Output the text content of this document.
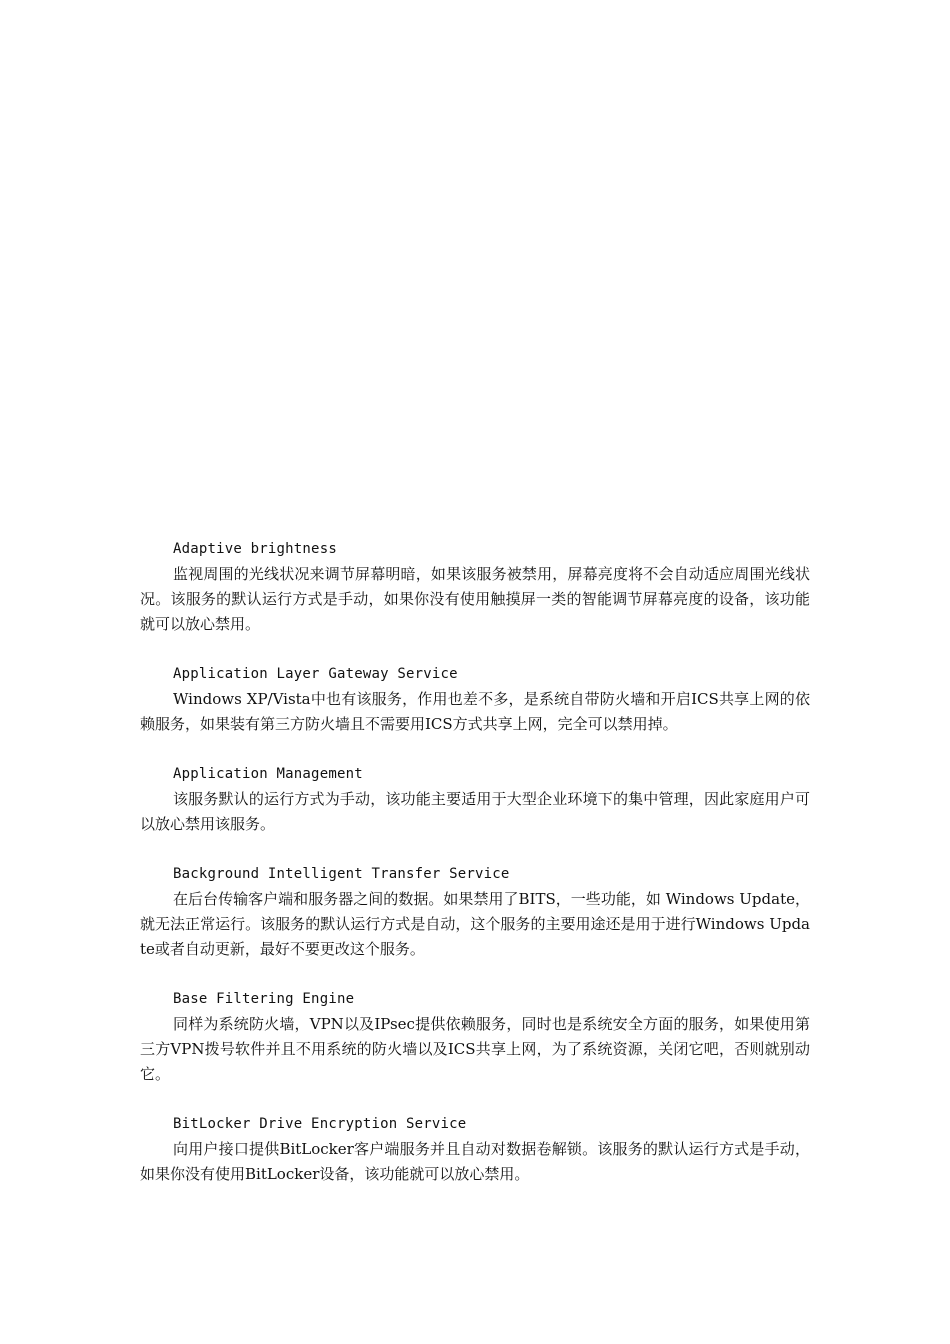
Adaptive brightness

监视周围的光线状况来调节屏幕明暗，如果该服务被禁用，屏幕亮度将不会自动适应周围光线状况。该服务的默认运行方式是手动，如果你没有使用触摸屏一类的智能调节屏幕亮度的设备，该功能就可以放心禁用。

Application Layer Gateway Service

Windows XP/Vista中也有该服务，作用也差不多，是系统自带防火墙和开启ICS共享上网的依赖服务，如果装有第三方防火墙且不需要用ICS方式共享上网，完全可以禁用掉。

Application Management

该服务默认的运行方式为手动，该功能主要适用于大型企业环境下的集中管理，因此家庭用户可以放心禁用该服务。

Background Intelligent Transfer Service

在后台传输客户端和服务器之间的数据。如果禁用了BITS，一些功能，如 Windows Update，就无法正常运行。该服务的默认运行方式是自动，这个服务的主要用途还是用于进行Windows Update或者自动更新，最好不要更改这个服务。

Base Filtering Engine

同样为系统防火墙，VPN以及IPsec提供依赖服务，同时也是系统安全方面的服务，如果使用第三方VPN拨号软件并且不用系统的防火墙以及ICS共享上网，为了系统资源，关闭它吧，否则就别动它。

BitLocker Drive Encryption Service

向用户接口提供BitLocker客户端服务并且自动对数据卷解锁。该服务的默认运行方式是手动，如果你没有使用BitLocker设备，该功能就可以放心禁用。
